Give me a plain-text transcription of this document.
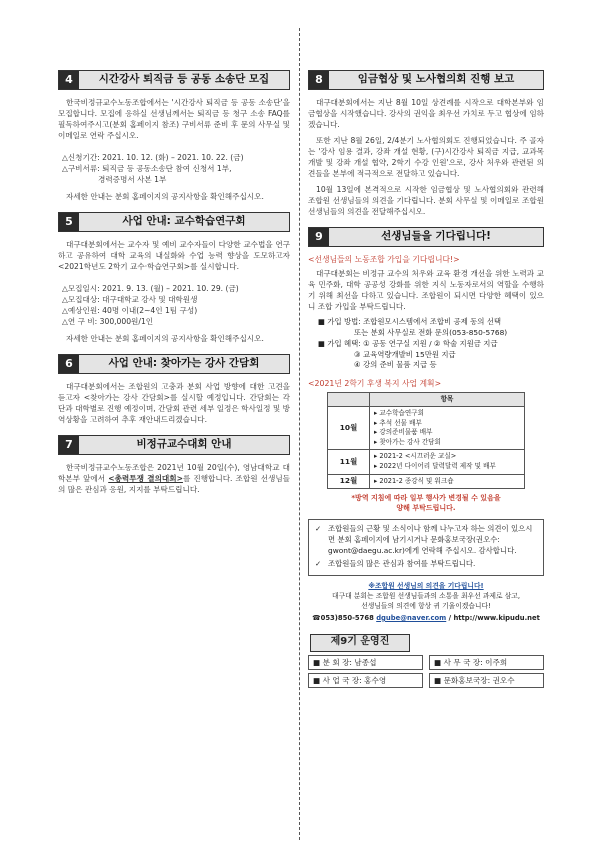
4	시간강사 퇴직금 등 공동 소송단 모집

한국비정규교수노동조합에서는 '시간강사 퇴직금 등 공동 소송단'을 모집합니다. 모집에 응하실 선생님께서는 퇴직금 등 청구 소송 FAQ를 필독하여주시고(분회 홈페이지 참조) 구비서류 준비 후 문의 사무실 및 이메일로 연락 주십시오.

△신청기간: 2021. 10. 12. (화) – 2021. 10. 22. (금)
△구비서류: 퇴직금 등 공동소송단 참여 신청서 1부,
경력증명서 사본 1부

자세한 안내는 분회 홈페이지의 공지사항을 확인해주십시오.

5	사업 안내: 교수학습연구회

대구대분회에서는 교수자 및 예비 교수자들이 다양한 교수법을 연구하고 공유하여 대학 교육의 내실화와 수업 능력 향상을 도모하고자 <2021학년도 2학기 교수·학습연구회>를 실시합니다.

△모집일시: 2021. 9. 13. (월) – 2021. 10. 29. (금)
△모집대상: 대구대학교 강사 및 대학원생
△예상인원: 40명 이내(2~4인 1팀 구성)
△연 구 비: 300,000원/1인

자세한 안내는 분회 홈페이지의 공지사항을 확인해주십시오.

6	사업 안내: 찾아가는 강사 간담회

대구대분회에서는 조합원의 고충과 분회 사업 방향에 대한 고견을 듣고자 <찾아가는 강사 간담회>를 실시할 예정입니다. 간담회는 각 단과 대학별로 진행 예정이며, 간담회 관련 세부 일정은 학사일정 및 방역상황을 고려하여 추후 재안내드리겠습니다.

7	비정규교수대회 안내

한국비정규교수노동조합은 2021년 10월 20일(수), 영남대학교 대학본부 앞에서 <총력투쟁 결의대회>를 진행합니다. 조합원 선생님들의 많은 관심과 응원, 지지를 부탁드립니다.

8	임금협상 및 노사협의회 진행 보고

대구대분회에서는 지난 8월 10일 상견례를 시작으로 대학본부와 임금협상을 시작했습니다. 강사의 권익을 최우선 가치로 두고 협상에 임하겠습니다.

또한 지난 8월 26일, 2/4분기 노사협의회도 진행되었습니다. 주 골자는 '강사 임용 결과, 강좌 개설 현황, (구)시간강사 퇴직금 지급, 교과목 개발 및 강좌 개설 협약, 2학기 수강 인원'으로, 강사 처우와 관련된 의견들을 본부에 적극적으로 전달하고 있습니다.

10월 13일에 본격적으로 시작한 임금협상 및 노사협의회와 관련해 조합원 선생님들의 의견을 기다립니다. 분회 사무실 및 이메일로 조합원 선생님들의 의견을 전달해주십시오.

9	선생님들을 기다립니다!
<선생님들의 노동조합 가입을 기다립니다!>

대구대분회는 비정규 교수의 처우와 교육 환경 개선을 위한 노력과 교육 민주화, 대학 공공성 강화를 위한 지식 노동자로서의 역할을 수행하기 위해 최선을 다하고 있습니다. 조합원이 되시면 다양한 혜택이 있으니 조합 가입을 부탁드립니다.

■ 가입 방법: 조합원모시스템에서 조합비 공제 동의 선택
또는 분회 사무실로 전화 문의(053-850-5768)
■ 가입 혜택: ① 공동 연구실 지원 / ② 학술 지원금 지급
③ 교육역량개발비 15만원 지급
④ 강의 준비 물품 지급 등
<2021년 2학기 후생 복지 사업 계획>
	항목
10월	▸ 교수학습연구회
▸ 추석 선물 배부
▸ 강의준비물품 배부
▸ 찾아가는 강사 간담회

11월	▸ 2021-2 <시끄러운 교실>
▸ 2022년 다이어리 달력달력 제작 및 배부

12월	▸ 2021-2 종강식 및 워크숍
*방역 지침에 따라 일부 행사가 변경될 수 있음을
양해 부탁드립니다.
✓ 조합원들의 근황 및 소식이나 함께 나누고자 하는 의견이 있으시면 분회 홈페이지에 남기시거나 문화홍보국장(권오수: gwont@daegu.ac.kr)에게 연락해 주십시오. 감사합니다.
✓ 조합원들의 많은 관심과 참여를 부탁드립니다.
※조합원 선생님의 의견을 기다립니다!
대구대 분회는 조합원 선생님들과의 소통을 최우선 과제로 삼고,
선생님들의 의견에 항상 귀 기울이겠습니다!
☎053)850-5768 dgube@naver.com / http://www.kipudu.net
제9기 운영진
■ 분 회 장: 남종섭	■ 사 무 국 장: 이주희
■ 사 업 국 장: 홍수영	■ 문화홍보국장: 권오수
